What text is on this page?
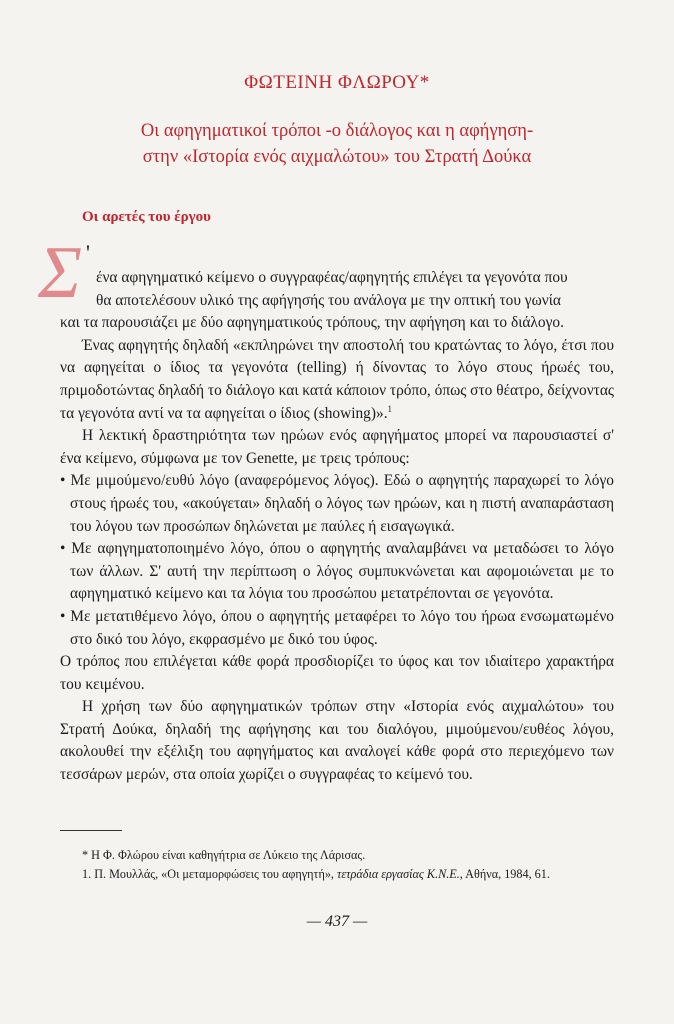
ΦΩΤΕΙΝΗ ΦΛΩΡΟΥ*
Οι αφηγηματικοί τρόποι -ο διάλογος και η αφήγηση-
στην «Ιστορία ενός αιχμαλώτου» του Στρατή Δούκα
Οι αρετές του έργου
Σ '

ένα αφηγηματικό κείμενο ο συγγραφέας/αφηγητής επιλέγει τα γεγονότα που

θα αποτελέσουν υλικό της αφήγησής του ανάλογα με την οπτική του γωνία

και τα παρουσιάζει με δύο αφηγηματικούς τρόπους, την αφήγηση και το διάλογο.

Ένας αφηγητής δηλαδή «εκπληρώνει την αποστολή του κρατώντας το λόγο, έτσι που να αφηγείται ο ίδιος τα γεγονότα (telling) ή δίνοντας το λόγο στους ήρωές του, πριμοδοτώντας δηλαδή το διάλογο και κατά κάποιον τρόπο, όπως στο θέατρο, δείχνοντας τα γεγονότα αντί να τα αφηγείται ο ίδιος (showing)».$^1$

Η λεκτική δραστηριότητα των ηρώων ενός αφηγήματος μπορεί να παρουσιαστεί σ' ένα κείμενο, σύμφωνα με τον Genette, με τρεις τρόπους:

• Με μιμούμενο/ευθύ λόγο (αναφερόμενος λόγος). Εδώ ο αφηγητής παραχωρεί το λόγο στους ήρωές του, «ακούγεται» δηλαδή ο λόγος των ηρώων, και η πιστή αναπαράσταση του λόγου των προσώπων δηλώνεται με παύλες ή εισαγωγικά.

• Με αφηγηματοποιημένο λόγο, όπου ο αφηγητής αναλαμβάνει να μεταδώσει το λόγο των άλλων. Σ' αυτή την περίπτωση ο λόγος συμπυκνώνεται και αφομοιώνεται με το αφηγηματικό κείμενο και τα λόγια του προσώπου μετατρέπονται σε γεγονότα.

• Με μετατιθέμενο λόγο, όπου ο αφηγητής μεταφέρει το λόγο του ήρωα ενσωματωμένο στο δικό του λόγο, εκφρασμένο με δικό του ύφος.

Ο τρόπος που επιλέγεται κάθε φορά προσδιορίζει το ύφος και τον ιδιαίτερο χαρακτήρα του κειμένου.

Η χρήση των δύο αφηγηματικών τρόπων στην «Ιστορία ενός αιχμαλώτου» του Στρατή Δούκα, δηλαδή της αφήγησης και του διαλόγου, μιμούμενου/ευθέος λόγου, ακολουθεί την εξέλιξη του αφηγήματος και αναλογεί κάθε φορά στο περιεχόμενο των τεσσάρων μερών, στα οποία χωρίζει ο συγγραφέας το κείμενό του.

* Η Φ. Φλώρου είναι καθηγήτρια σε Λύκειο της Λάρισας.

1. Π. Μουλλάς, «Οι μεταμορφώσεις του αφηγητή», τετράδια εργασίας Κ.Ν.Ε., Αθήνα, 1984, 61.

— 437 —
